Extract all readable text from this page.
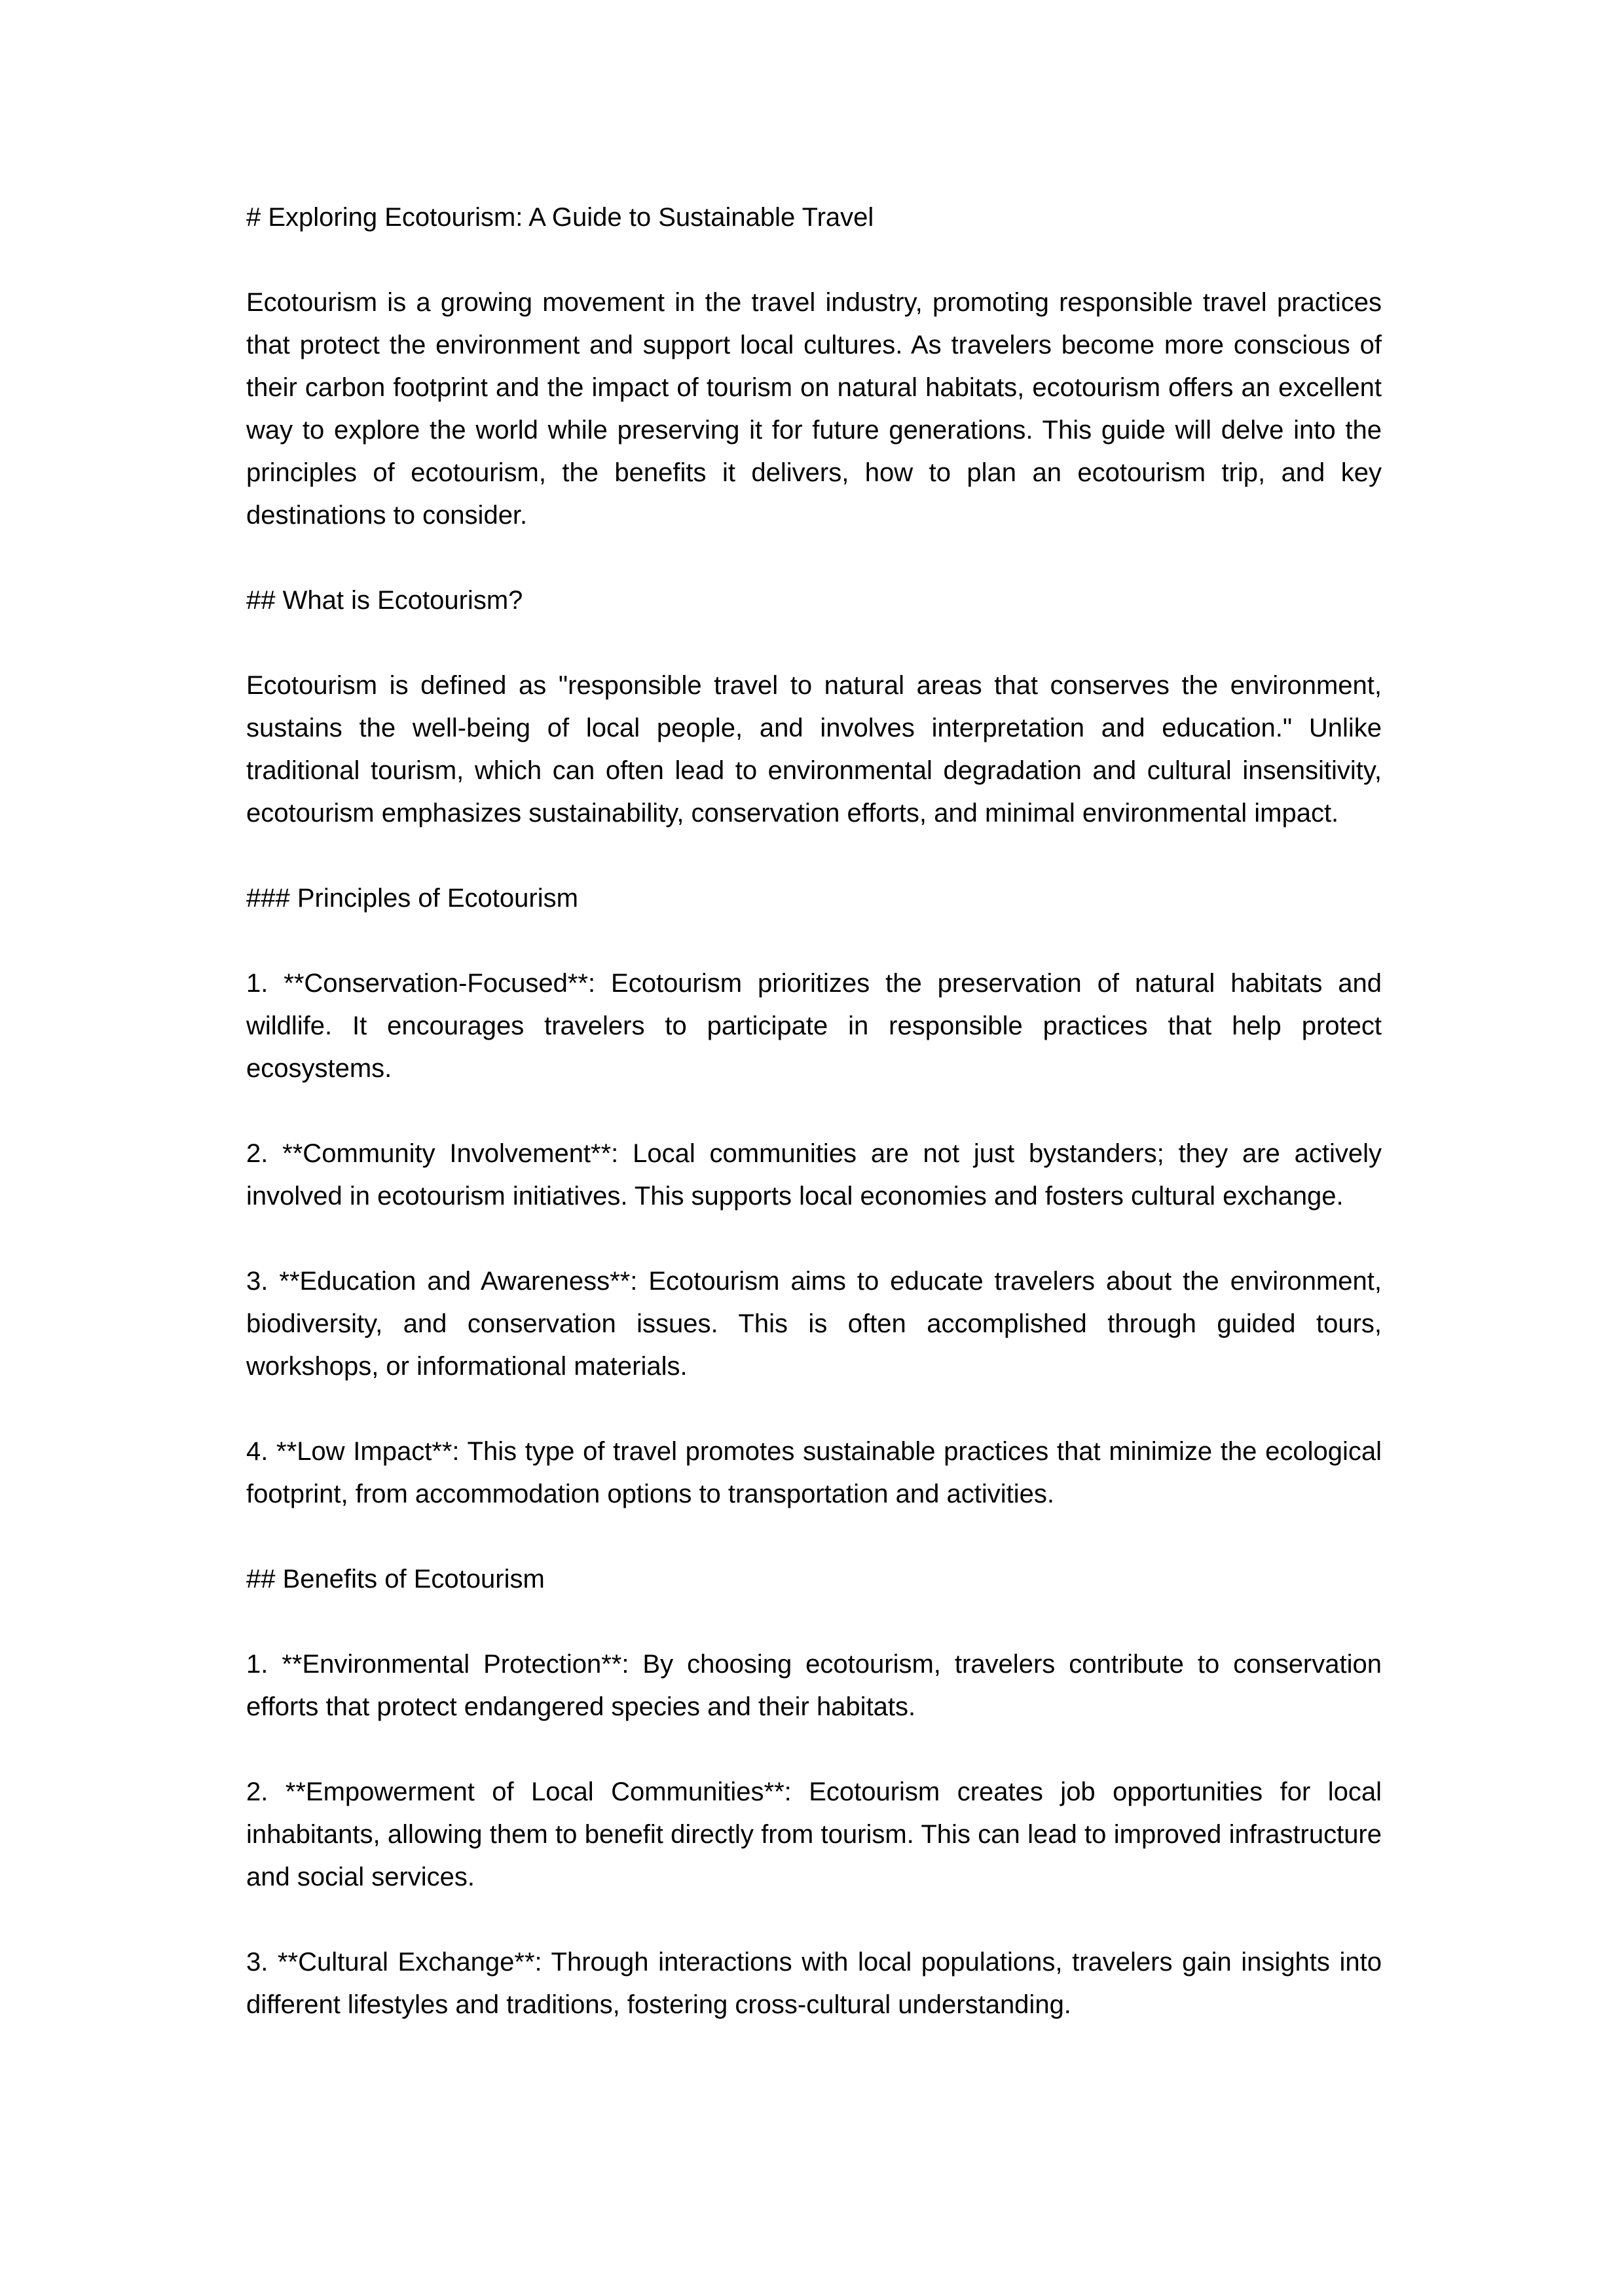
# Exploring Ecotourism: A Guide to Sustainable Travel

Ecotourism is a growing movement in the travel industry, promoting responsible travel practices that protect the environment and support local cultures. As travelers become more conscious of their carbon footprint and the impact of tourism on natural habitats, ecotourism offers an excellent way to explore the world while preserving it for future generations. This guide will delve into the principles of ecotourism, the benefits it delivers, how to plan an ecotourism trip, and key destinations to consider.

## What is Ecotourism?

Ecotourism is defined as "responsible travel to natural areas that conserves the environment, sustains the well-being of local people, and involves interpretation and education." Unlike traditional tourism, which can often lead to environmental degradation and cultural insensitivity, ecotourism emphasizes sustainability, conservation efforts, and minimal environmental impact.

### Principles of Ecotourism

1. **Conservation-Focused**: Ecotourism prioritizes the preservation of natural habitats and wildlife. It encourages travelers to participate in responsible practices that help protect ecosystems.

2. **Community Involvement**: Local communities are not just bystanders; they are actively involved in ecotourism initiatives. This supports local economies and fosters cultural exchange.

3. **Education and Awareness**: Ecotourism aims to educate travelers about the environment, biodiversity, and conservation issues. This is often accomplished through guided tours, workshops, or informational materials.

4. **Low Impact**: This type of travel promotes sustainable practices that minimize the ecological footprint, from accommodation options to transportation and activities.

## Benefits of Ecotourism

1. **Environmental Protection**: By choosing ecotourism, travelers contribute to conservation efforts that protect endangered species and their habitats.

2. **Empowerment of Local Communities**: Ecotourism creates job opportunities for local inhabitants, allowing them to benefit directly from tourism. This can lead to improved infrastructure and social services.

3. **Cultural Exchange**: Through interactions with local populations, travelers gain insights into different lifestyles and traditions, fostering cross-cultural understanding.
